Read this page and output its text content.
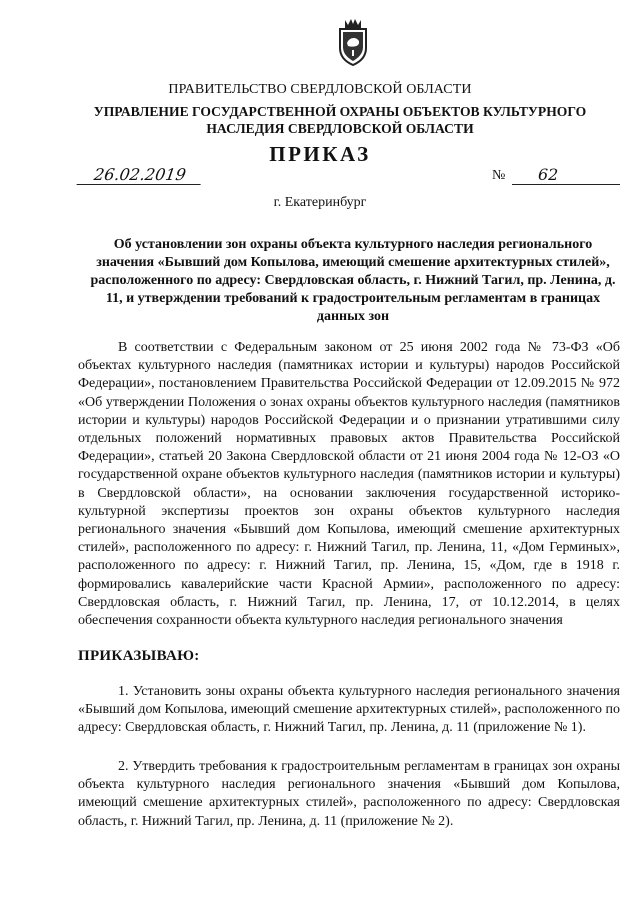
ПРАВИТЕЛЬСТВО СВЕРДЛОВСКОЙ ОБЛАСТИ
УПРАВЛЕНИЕ ГОСУДАРСТВЕННОЙ ОХРАНЫ ОБЪЕКТОВ КУЛЬТУРНОГО НАСЛЕДИЯ СВЕРДЛОВСКОЙ ОБЛАСТИ
ПРИКАЗ
26.02.2019	№	62
г. Екатеринбург
Об установлении зон охраны объекта культурного наследия регионального значения «Бывший дом Копылова, имеющий смешение архитектурных стилей», расположенного по адресу: Свердловская область, г. Нижний Тагил, пр. Ленина, д. 11, и утверждении требований к градостроительным регламентам в границах данных зон

В соответствии с Федеральным законом от 25 июня 2002 года № 73-ФЗ «Об объектах культурного наследия (памятниках истории и культуры) народов Российской Федерации», постановлением Правительства Российской Федерации от 12.09.2015 № 972 «Об утверждении Положения о зонах охраны объектов культурного наследия (памятников истории и культуры) народов Российской Федерации и о признании утратившими силу отдельных положений нормативных правовых актов Правительства Российской Федерации», статьей 20 Закона Свердловской области от 21 июня 2004 года № 12-ОЗ «О государственной охране объектов культурного наследия (памятников истории и культуры) в Свердловской области», на основании заключения государственной историко-культурной экспертизы проектов зон охраны объектов культурного наследия регионального значения «Бывший дом Копылова, имеющий смешение архитектурных стилей», расположенного по адресу: г. Нижний Тагил, пр. Ленина, 11, «Дом Герминых», расположенного по адресу: г. Нижний Тагил, пр. Ленина, 15, «Дом, где в 1918 г. формировались кавалерийские части Красной Армии», расположенного по адресу: Свердловская область, г. Нижний Тагил, пр. Ленина, 17, от 10.12.2014, в целях обеспечения сохранности объекта культурного наследия регионального значения

ПРИКАЗЫВАЮ:

1. Установить зоны охраны объекта культурного наследия регионального значения «Бывший дом Копылова, имеющий смешение архитектурных стилей», расположенного по адресу: Свердловская область, г. Нижний Тагил, пр. Ленина, д. 11 (приложение № 1).

2. Утвердить требования к градостроительным регламентам в границах зон охраны объекта культурного наследия регионального значения «Бывший дом Копылова, имеющий смешение архитектурных стилей», расположенного по адресу: Свердловская область, г. Нижний Тагил, пр. Ленина, д. 11 (приложение № 2).
